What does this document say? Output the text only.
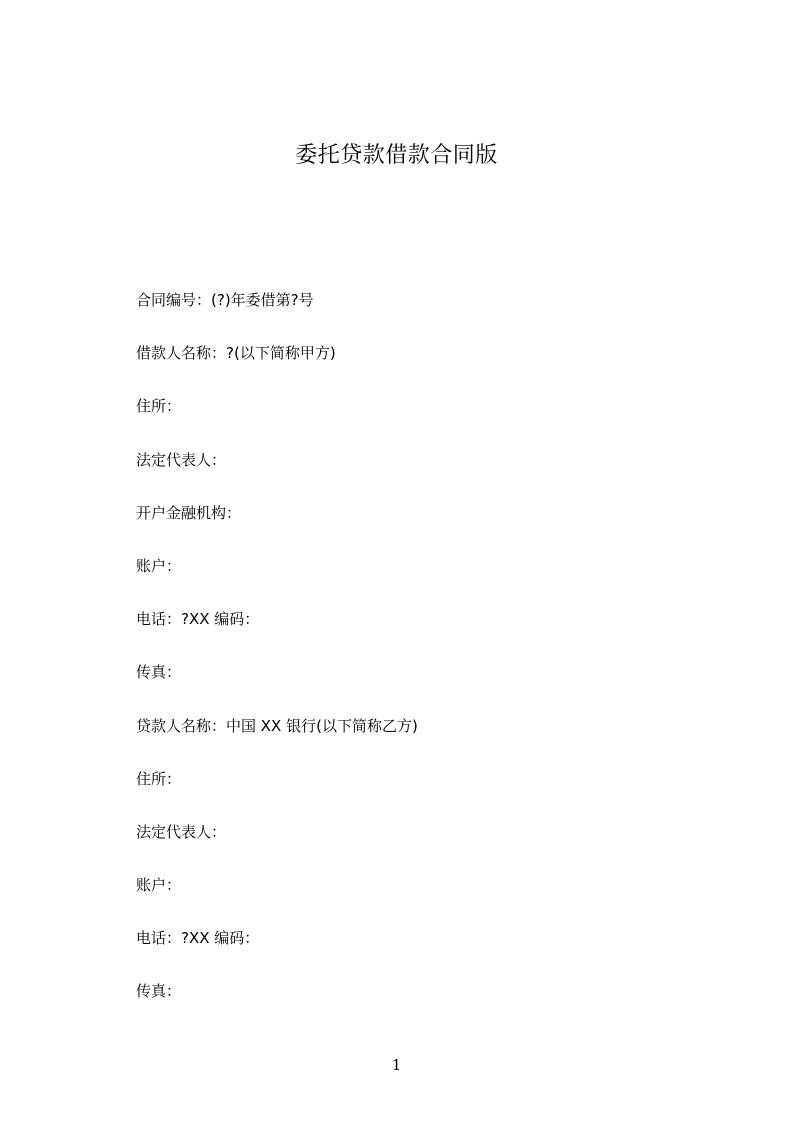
委托贷款借款合同版
合同编号：(?)年委借第?号
借款人名称：?(以下简称甲方)
住所：
法定代表人：
开户金融机构：
账户：
电话：?XX 编码：
传真：
贷款人名称：中国 XX 银行(以下简称乙方)
住所：
法定代表人：
账户：
电话：?XX 编码：
传真：
1
